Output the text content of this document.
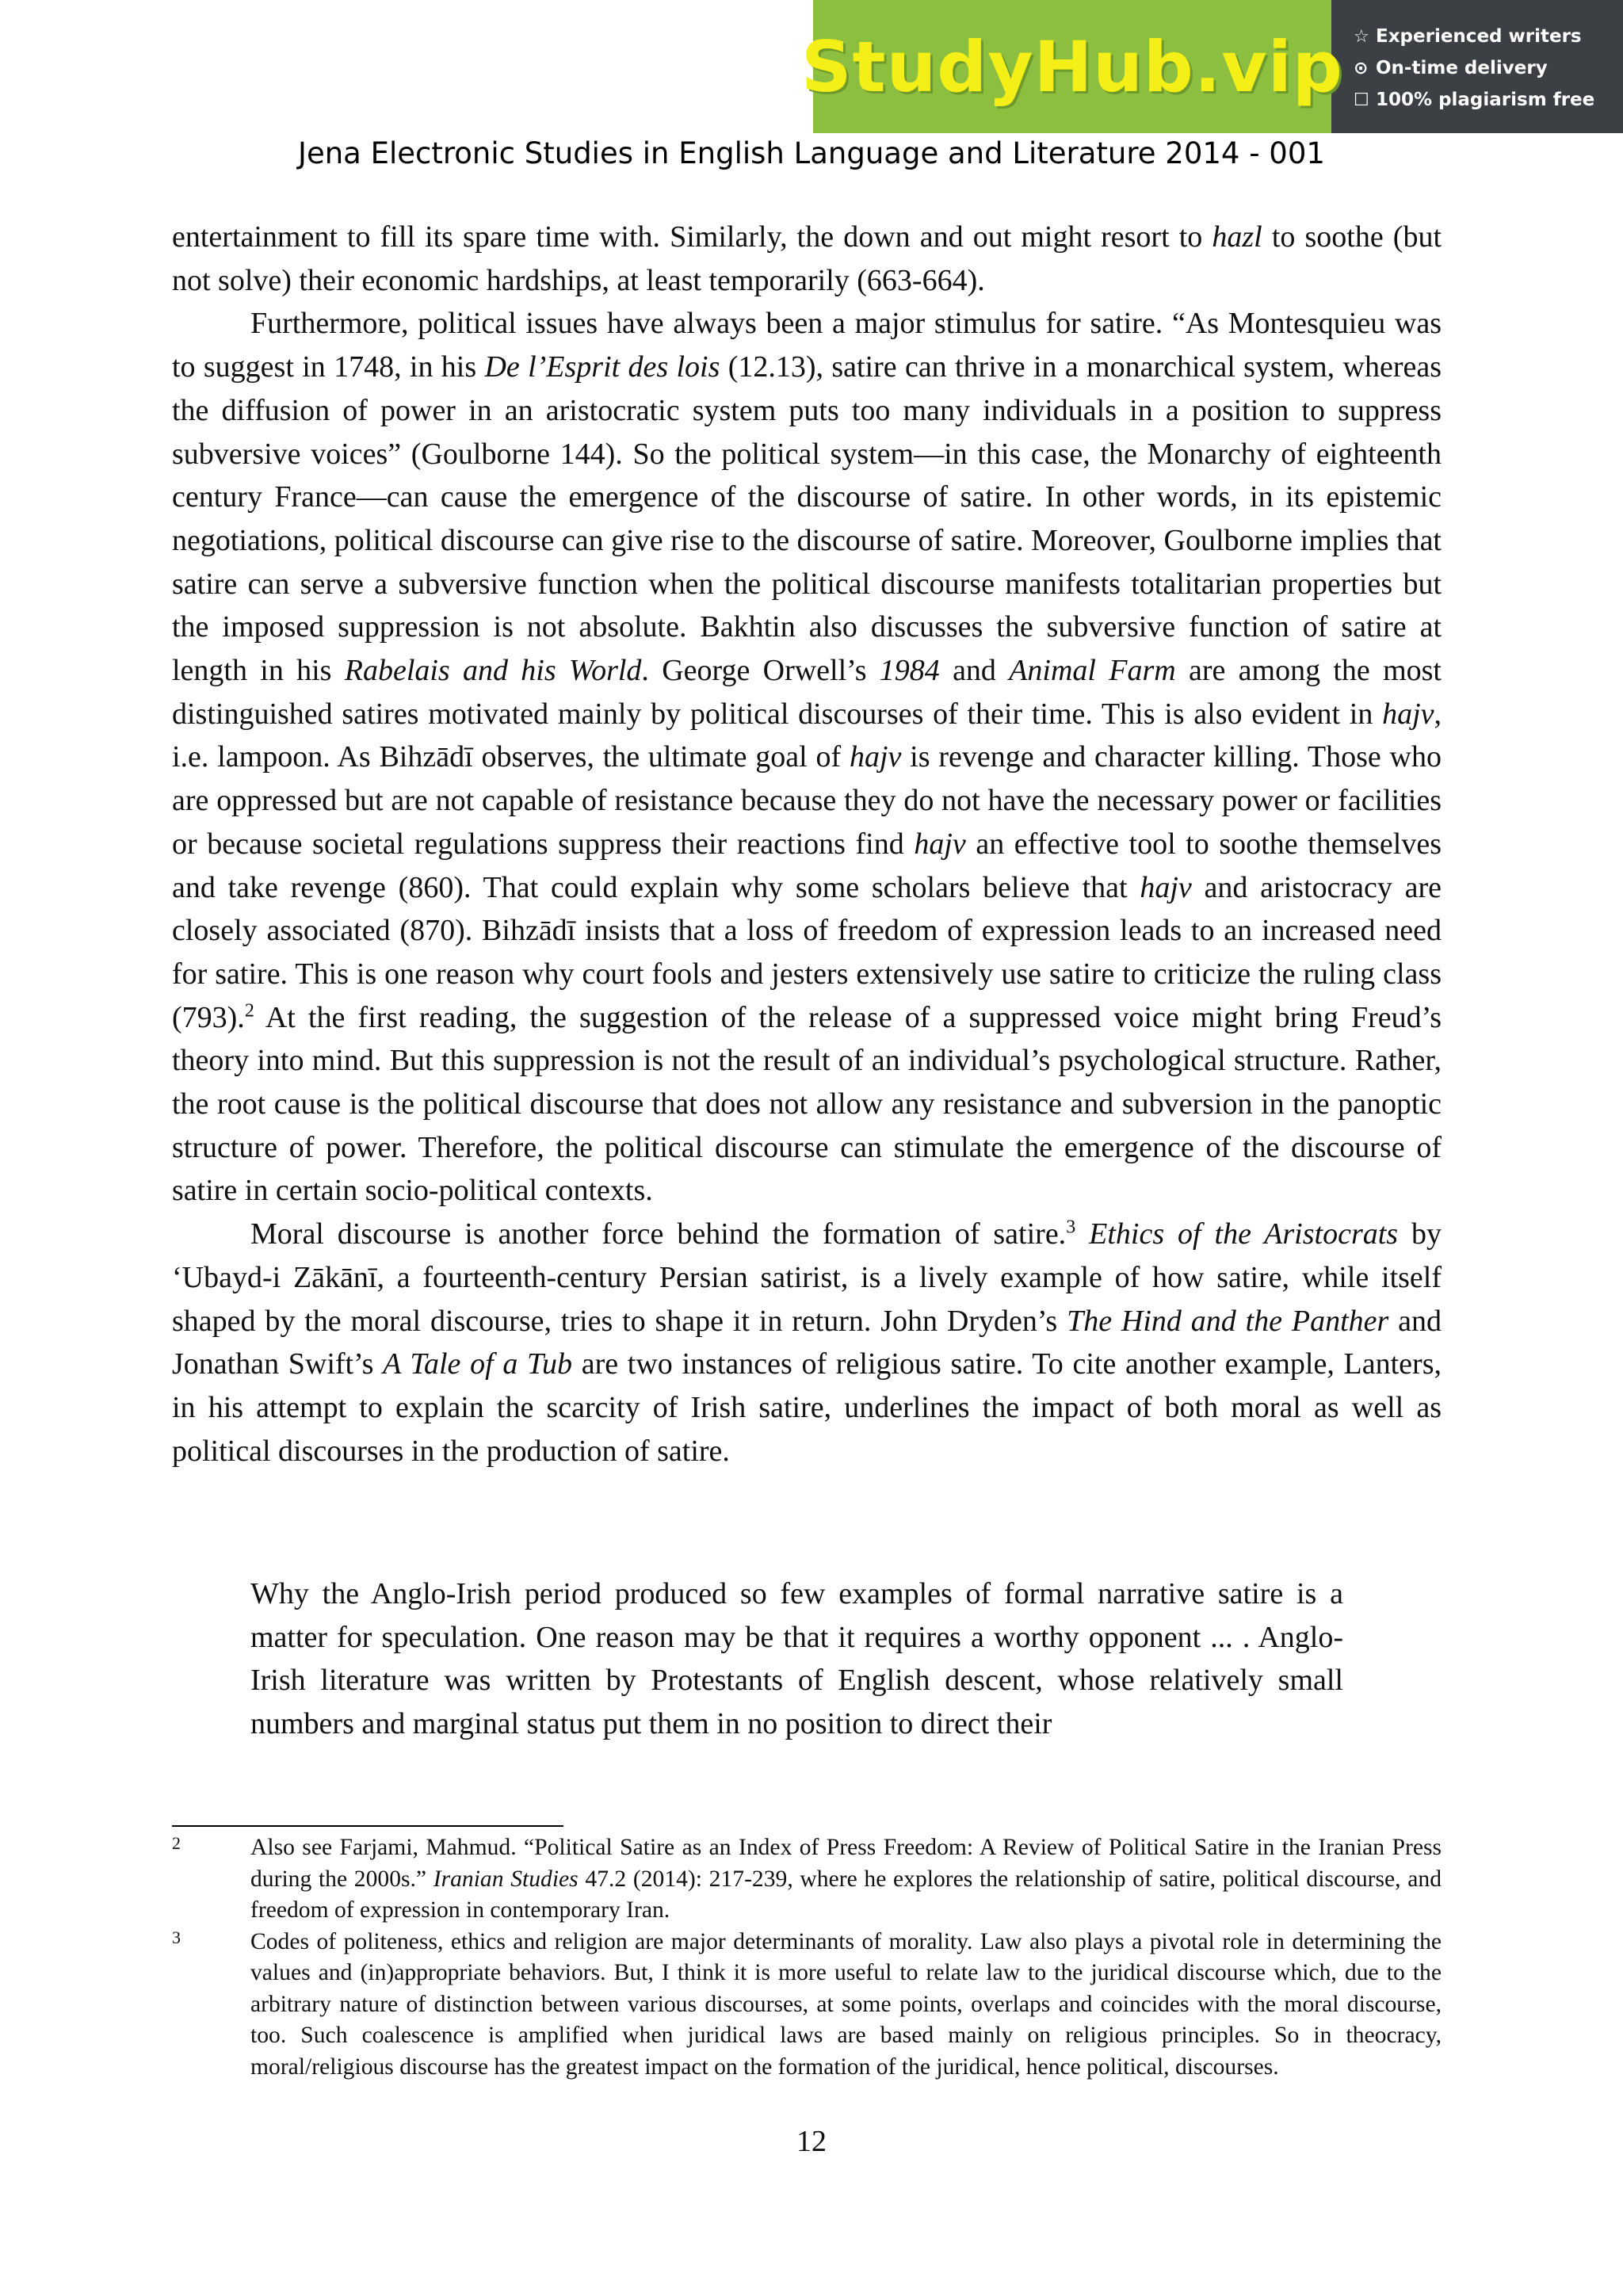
StudyHub.vip ☆ Experienced writers
⊙ On-time delivery
☐ 100% plagiarism free
Jena Electronic Studies in English Language and Literature 2014 - 001

entertainment to fill its spare time with. Similarly, the down and out might resort to hazl to soothe (but not solve) their economic hardships, at least temporarily (663-664).

Furthermore, political issues have always been a major stimulus for satire. “As Montesquieu was to suggest in 1748, in his De l’Esprit des lois (12.13), satire can thrive in a monarchical system, whereas the diffusion of power in an aristocratic system puts too many individuals in a position to suppress subversive voices” (Goulborne 144). So the political system—in this case, the Monarchy of eighteenth century France—can cause the emergence of the discourse of satire. In other words, in its epistemic negotiations, political discourse can give rise to the discourse of satire. Moreover, Goulborne implies that satire can serve a subversive function when the political discourse manifests totalitarian properties but the imposed suppression is not absolute. Bakhtin also discusses the subversive function of satire at length in his Rabelais and his World. George Orwell’s 1984 and Animal Farm are among the most distinguished satires motivated mainly by political discourses of their time. This is also evident in hajv, i.e. lampoon. As Bihzādī observes, the ultimate goal of hajv is revenge and character killing. Those who are oppressed but are not capable of resistance because they do not have the necessary power or facilities or because societal regulations suppress their reactions find hajv an effective tool to soothe themselves and take revenge (860). That could explain why some scholars believe that hajv and aristocracy are closely associated (870). Bihzādī insists that a loss of freedom of expression leads to an increased need for satire. This is one reason why court fools and jesters extensively use satire to criticize the ruling class (793).$^2$ At the first reading, the suggestion of the release of a suppressed voice might bring Freud’s theory into mind. But this suppression is not the result of an individual’s psychological structure. Rather, the root cause is the political discourse that does not allow any resistance and subversion in the panoptic structure of power. Therefore, the political discourse can stimulate the emergence of the discourse of satire in certain socio-political contexts.

Moral discourse is another force behind the formation of satire.$^3$ Ethics of the Aristocrats by ‘Ubayd-i Zākānī, a fourteenth-century Persian satirist, is a lively example of how satire, while itself shaped by the moral discourse, tries to shape it in return. John Dryden’s The Hind and the Panther and Jonathan Swift’s A Tale of a Tub are two instances of religious satire. To cite another example, Lanters, in his attempt to explain the scarcity of Irish satire, underlines the impact of both moral as well as political discourses in the production of satire.

Why the Anglo-Irish period produced so few examples of formal narrative satire is a matter for speculation. One reason may be that it requires a worthy opponent ... . Anglo-Irish literature was written by Protestants of English descent, whose relatively small numbers and marginal status put them in no position to direct their

2	Also see Farjami, Mahmud. “Political Satire as an Index of Press Freedom: A Review of Political Satire in the Iranian Press during the 2000s.” Iranian Studies 47.2 (2014): 217-239, where he explores the relationship of satire, political discourse, and freedom of expression in contemporary Iran.
3	Codes of politeness, ethics and religion are major determinants of morality. Law also plays a pivotal role in determining the values and (in)appropriate behaviors. But, I think it is more useful to relate law to the juridical discourse which, due to the arbitrary nature of distinction between various discourses, at some points, overlaps and coincides with the moral discourse, too. Such coalescence is amplified when juridical laws are based mainly on religious principles. So in theocracy, moral/religious discourse has the greatest impact on the formation of the juridical, hence political, discourses.
12
